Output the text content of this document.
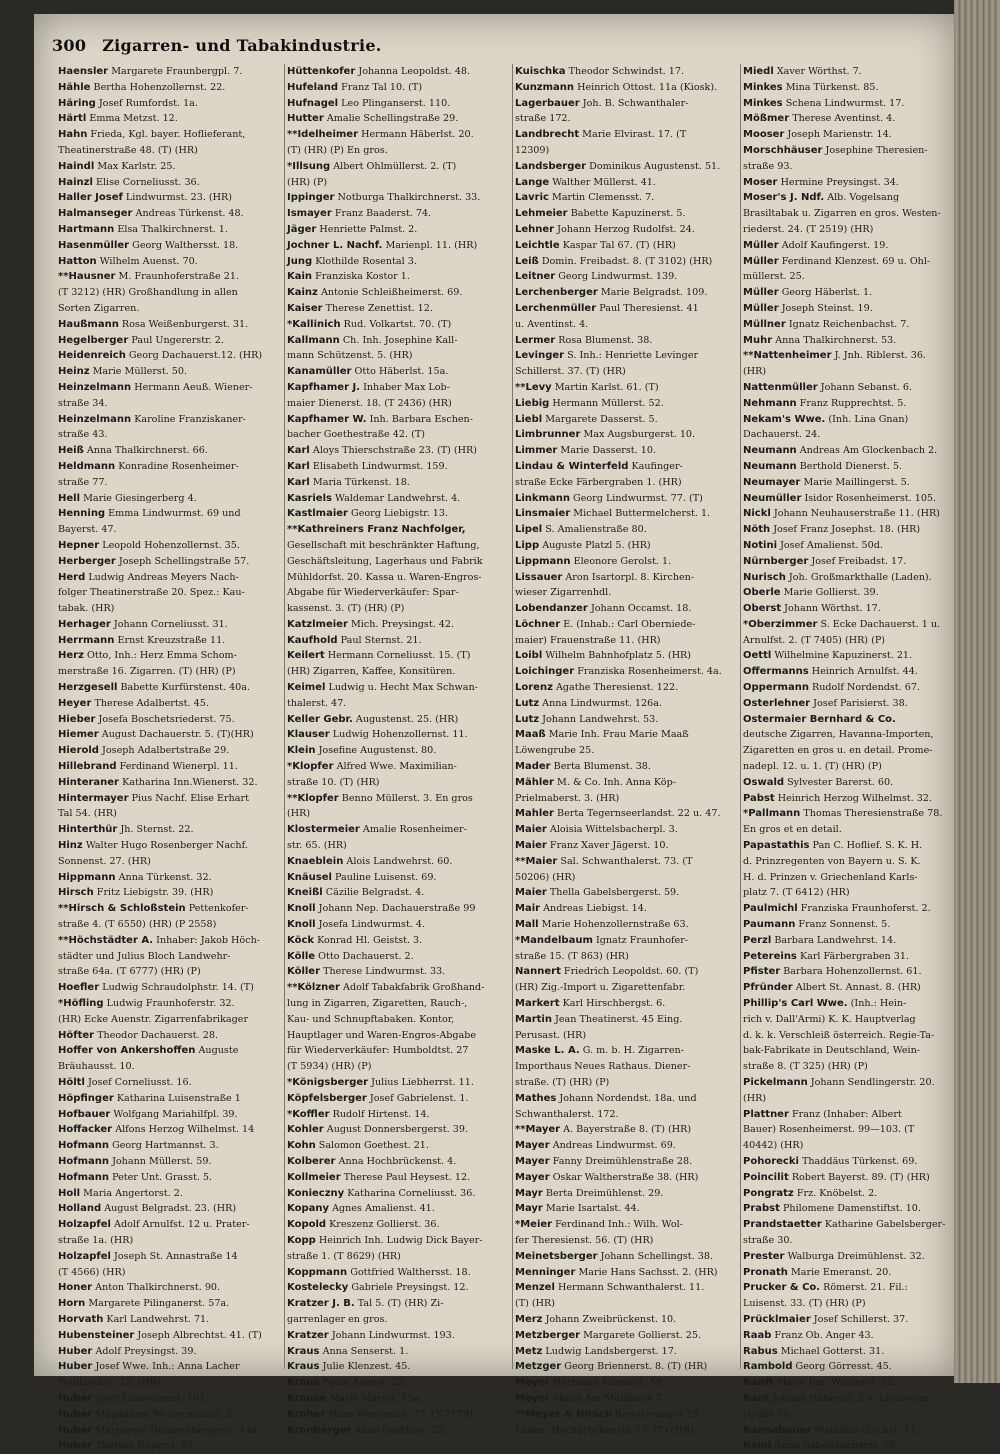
300 Zigarren- und Tabakindustrie.
Haensler Margarete Fraunbergpl. 7.
Hähle Bertha Hohenzollernst. 22.
Häring Josef Rumfordst. 1a.
Härtl Emma Metzst. 12.
Hahn Frieda, Kgl. bayer. Hoflieferant,
Theatinerstraße 48. (T) (HR)
Haindl Max Karlstr. 25.
Hainzl Elise Corneliusst. 36.
Haller Josef Lindwurmst. 23. (HR)
Halmanseger Andreas Türkenst. 48.
Hartmann Elsa Thalkirchnerst. 1.
Hasenmüller Georg Walthersst. 18.
Hatton Wilhelm Auenst. 70.
**Hausner M. Fraunhoferstraße 21.
(T 3212) (HR) Großhandlung in allen
Sorten Zigarren.
Haußmann Rosa Weißenburgerst. 31.
Hegelberger Paul Ungererstr. 2.
Heidenreich Georg Dachauerst.12. (HR)
Heinz Marie Müllerst. 50.
Heinzelmann Hermann Aeuß. Wiener-
straße 34.
Heinzelmann Karoline Franziskaner-
straße 43.
Heiß Anna Thalkirchnerst. 66.
Heldmann Konradine Rosenheimer-
straße 77.
Hell Marie Giesingerberg 4.
Henning Emma Lindwurmst. 69 und
Bayerst. 47.
Hepner Leopold Hohenzollernst. 35.
Herberger Joseph Schellingstraße 57.
Herd Ludwig Andreas Meyers Nach-
folger Theatinerstraße 20. Spez.: Kau-
tabak. (HR)
Herhager Johann Corneliusst. 31.
Herrmann Ernst Kreuzstraße 11.
Herz Otto, Inh.: Herz Emma Schom-
merstraße 16. Zigarren. (T) (HR) (P)
Herzgesell Babette Kurfürstenst. 40a.
Heyer Therese Adalbertst. 45.
Hieber Josefa Boschetsriederst. 75.
Hiemer August Dachauerstr. 5. (T)(HR)
Hierold Joseph Adalbertstraße 29.
Hillebrand Ferdinand Wienerpl. 11.
Hinteraner Katharina Inn.Wienerst. 32.
Hintermayer Pius Nachf. Elise Erhart
Tal 54. (HR)
Hinterthür Jh. Sternst. 22.
Hinz Walter Hugo Rosenberger Nachf.
Sonnenst. 27. (HR)
Hippmann Anna Türkenst. 32.
Hirsch Fritz Liebigstr. 39. (HR)
**Hirsch & Schloßstein Pettenkofer-
straße 4. (T 6550) (HR) (P 2558)
**Höchstädter A. Inhaber: Jakob Höch-
städter und Julius Bloch Landwehr-
straße 64a. (T 6777) (HR) (P)
Hoefler Ludwig Schraudolphstr. 14. (T)
*Höfling Ludwig Fraunhoferstr. 32.
(HR) Ecke Auenstr. Zigarrenfabrikager
Höfter Theodor Dachauerst. 28.
Hoffer von Ankershoffen Auguste
Bräuhausst. 10.
Höltl Josef Corneliusst. 16.
Höpfinger Katharina Luisenstraße 1
Hofbauer Wolfgang Mariahilfpl. 39.
Hoffacker Alfons Herzog Wilhelmst. 14
Hofmann Georg Hartmannst. 3.
Hofmann Johann Müllerst. 59.
Hofmann Peter Unt. Grasst. 5.
Holl Maria Angertorst. 2.
Holland August Belgradst. 23. (HR)
Holzapfel Adolf Arnulfst. 12 u. Prater-
straße 1a. (HR)
Holzapfel Joseph St. Annastraße 14
(T 4566) (HR)
Honer Anton Thalkirchnerst. 90.
Horn Margarete Pilinganerst. 57a.
Horvath Karl Landwehrst. 71.
Hubensteiner Joseph Albrechtst. 41. (T)
Huber Adolf Preysingst. 39.
Huber Josef Wwe. Inh.: Anna Lacher
Feilitzschst. 12. (HR)
Huber Josef Lindwurmst. 101.
Huber Magdalena Westermühlst. 2.
Huber Margarete Donnersbergerst. 44a.
Huber Therese Bayerst. 57.
Hüttenkofer Johanna Leopoldst. 48.
Hufeland Franz Tal 10. (T)
Hufnagel Leo Plinganserst. 110.
Hutter Amalie Schellingstraße 29.
**Idelheimer Hermann Häberlst. 20.
(T) (HR) (P) En gros.
*Illsung Albert Ohlmüllerst. 2. (T)
(HR) (P)
Ippinger Notburga Thalkirchnerst. 33.
Ismayer Franz Baaderst. 74.
Jäger Henriette Palmst. 2.
Jochner L. Nachf. Marienpl. 11. (HR)
Jung Klothilde Rosental 3.
Kain Franziska Kostor 1.
Kainz Antonie Schleißheimerst. 69.
Kaiser Therese Zenettist. 12.
*Kallinich Rud. Volkartst. 70. (T)
Kallmann Ch. Inh. Josephine Kall-
mann Schützenst. 5. (HR)
Kanamüller Otto Häberlst. 15a.
Kapfhamer J. Inhaber Max Lob-
maier Dienerst. 18. (T 2436) (HR)
Kapfhamer W. Inh. Barbara Eschen-
bacher Goethestraße 42. (T)
Karl Aloys Thierschstraße 23. (T) (HR)
Karl Elisabeth Lindwurmst. 159.
Karl Maria Türkenst. 18.
Kasriels Waldemar Landwehrst. 4.
Kastlmaier Georg Liebigstr. 13.
**Kathreiners Franz Nachfolger,
Gesellschaft mit beschränkter Haftung,
Geschäftsleitung, Lagerhaus und Fabrik
Mühldorfst. 20. Kassa u. Waren-Engros-
Abgabe für Wiederverkäufer: Spar-
kassenst. 3. (T) (HR) (P)
Katzlmeier Mich. Preysingst. 42.
Kaufhold Paul Sternst. 21.
Keilert Hermann Corneliusst. 15. (T)
(HR) Zigarren, Kaffee, Konsitüren.
Keimel Ludwig u. Hecht Max Schwan-
thalerst. 47.
Keller Gebr. Augustenst. 25. (HR)
Klauser Ludwig Hohenzollernst. 11.
Klein Josefine Augustenst. 80.
*Klopfer Alfred Wwe. Maximilian-
straße 10. (T) (HR)
**Klopfer Benno Müllerst. 3. En gros
(HR)
Klostermeier Amalie Rosenheimer-
str. 65. (HR)
Knaeblein Alois Landwehrst. 60.
Knäusel Pauline Luisenst. 69.
Kneißl Cäzilie Belgradst. 4.
Knoll Johann Nep. Dachauerstraße 99
Knoll Josefa Lindwurmst. 4.
Köck Konrad Hl. Geistst. 3.
Kölle Otto Dachauerst. 2.
Köller Therese Lindwurmst. 33.
**Kölzner Adolf Tabakfabrik Großhand-
lung in Zigarren, Zigaretten, Rauch-,
Kau- und Schnupftabaken. Kontor,
Hauptlager und Waren-Engros-Abgabe
für Wiederverkäufer: Humboldtst. 27
(T 5934) (HR) (P)
*Königsberger Julius Liebherrst. 11.
Köpfelsberger Josef Gabrielenst. 1.
*Koffler Rudolf Hirtenst. 14.
Kohler August Donnersbergerst. 39.
Kohn Salomon Goethest. 21.
Kolberer Anna Hochbrückenst. 4.
Kollmeier Therese Paul Heysest. 12.
Konieczny Katharina Corneliusst. 36.
Kopany Agnes Amalienst. 41.
Kopold Kreszenz Gollierst. 36.
Kopp Heinrich Inh. Ludwig Dick Bayer-
straße 1. (T 8629) (HR)
Koppmann Gottfried Walthersst. 18.
Kostelecky Gabriele Preysingst. 12.
Kratzer J. B. Tal 5. (T) (HR) Zi-
garrenlager en gros.
Kratzer Johann Lindwurmst. 193.
Kraus Anna Senserst. 1.
Kraus Julie Klenzest. 45.
Kraus Paula Auenst. 25.
Krause Marie Marsst. 15a.
Kroher Hans Westendst. 77. (T 7179)
Kronberger Anna Goethest. 25.
Kuischka Theodor Schwindst. 17.
Kunzmann Heinrich Ottost. 11a (Kiosk).
Lagerbauer Joh. B. Schwanthaler-
straße 172.
Landbrecht Marie Elvirast. 17. (T
12309)
Landsberger Dominikus Augustenst. 51.
Lange Walther Müllerst. 41.
Lavric Martin Clemensst. 7.
Lehmeier Babette Kapuzinerst. 5.
Lehner Johann Herzog Rudolfst. 24.
Leichtle Kaspar Tal 67. (T) (HR)
Leiß Domin. Freibadst. 8. (T 3102) (HR)
Leitner Georg Lindwurmst. 139.
Lerchenberger Marie Belgradst. 109.
Lerchenmüller Paul Theresienst. 41
u. Aventinst. 4.
Lermer Rosa Blumenst. 38.
Levinger S. Inh.: Henriette Levinger
Schillerst. 37. (T) (HR)
**Levy Martin Karlst. 61. (T)
Liebig Hermann Müllerst. 52.
Liebl Margarete Dasserst. 5.
Limbrunner Max Augsburgerst. 10.
Limmer Marie Dasserst. 10.
Lindau & Winterfeld Kaufinger-
straße Ecke Färbergraben 1. (HR)
Linkmann Georg Lindwurmst. 77. (T)
Linsmaier Michael Buttermelcherst. 1.
Lipel S. Amalienstraße 80.
Lipp Auguste Platzl 5. (HR)
Lippmann Eleonore Gerolst. 1.
Lissauer Aron Isartorpl. 8. Kirchen-
wieser Zigarrenhdl.
Lobendanzer Johann Occamst. 18.
Löchner E. (Inhab.: Carl Oberniede-
maier) Frauenstraße 11. (HR)
Loibl Wilhelm Bahnhofplatz 5. (HR)
Loichinger Franziska Rosenheimerst. 4a.
Lorenz Agathe Theresienst. 122.
Lutz Anna Lindwurmst. 126a.
Lutz Johann Landwehrst. 53.
Maaß Marie Inh. Frau Marie Maaß
Löwengrube 25.
Mader Berta Blumenst. 38.
Mähler M. & Co. Inh. Anna Köp-
Prielmaberst. 3. (HR)
Mahler Berta Tegernseerlandst. 22 u. 47.
Maier Aloisia Wittelsbacherpl. 3.
Maier Franz Xaver Jägerst. 10.
**Maier Sal. Schwanthalerst. 73. (T
50206) (HR)
Maier Thella Gabelsbergerst. 59.
Mair Andreas Liebigst. 14.
Mall Marie Hohenzollernstraße 63.
*Mandelbaum Ignatz Fraunhofer-
straße 15. (T 863) (HR)
Nannert Friedrich Leopoldst. 60. (T)
(HR) Zig.-Import u. Zigarettenfabr.
Markert Karl Hirschbergst. 6.
Martin Jean Theatinerst. 45 Eing.
Perusast. (HR)
Maske L. A. G. m. b. H. Zigarren-
Importhaus Neues Rathaus. Diener-
straße. (T) (HR) (P)
Mathes Johann Nordendst. 18a. und
Schwanthalerst. 172.
**Mayer A. Bayerstraße 8. (T) (HR)
Mayer Andreas Lindwurmst. 69.
Mayer Fanny Dreimühlenstraße 28.
Mayer Oskar Waltherstraße 38. (HR)
Mayr Berta Dreimühlenst. 29.
Mayr Marie Isartalst. 44.
*Meier Ferdinand Inh.: Wilh. Wol-
fer Theresienst. 56. (T) (HR)
Meinetsberger Johann Schellingst. 38.
Menninger Marie Hans Sachsst. 2. (HR)
Menzel Hermann Schwanthalerst. 11.
(T) (HR)
Merz Johann Zweibrückenst. 10.
Metzberger Margarete Gollierst. 25.
Metz Ludwig Landsbergerst. 17.
Metzger Georg Briennerst. 8. (T) (HR)
Meyer Hermann Klenzest. 59.
Meyer Maria Am Mühlbach 7.
**Meyer & Hirsch Bereiteranger 15.
Laden: Hochbrückenstr. 13. (T) (HR)
Miedl Xaver Wörthst. 7.
Minkes Mina Türkenst. 85.
Minkes Schena Lindwurmst. 17.
Mößmer Therese Aventinst. 4.
Mooser Joseph Marienstr. 14.
Morschhäuser Josephine Theresien-
straße 93.
Moser Hermine Preysingst. 34.
Moser's J. Ndf. Alb. Vogelsang
Brasiltabak u. Zigarren en gros. Westen-
riederst. 24. (T 2519) (HR)
Müller Adolf Kaufingerst. 19.
Müller Ferdinand Klenzest. 69 u. Ohl-
müllerst. 25.
Müller Georg Häberlst. 1.
Müller Joseph Steinst. 19.
Müllner Ignatz Reichenbachst. 7.
Muhr Anna Thalkirchnerst. 53.
**Nattenheimer J. Jnh. Riblerst. 36.
(HR)
Nattenmüller Johann Sebanst. 6.
Nehmann Franz Rupprechtst. 5.
Nekam's Wwe. (Inh. Lina Gnan)
Dachauerst. 24.
Neumann Andreas Am Glockenbach 2.
Neumann Berthold Dienerst. 5.
Neumayer Marie Maillingerst. 5.
Neumüller Isidor Rosenheimerst. 105.
Nickl Johann Neuhauserstraße 11. (HR)
Nöth Josef Franz Josephst. 18. (HR)
Notini Josef Amalienst. 50d.
Nürnberger Josef Freibadst. 17.
Nurisch Joh. Großmarkthalle (Laden).
Oberle Marie Gollierst. 39.
Oberst Johann Wörthst. 17.
*Oberzimmer S. Ecke Dachauerst. 1 u.
Arnulfst. 2. (T 7405) (HR) (P)
Oettl Wilhelmine Kapuzinerst. 21.
Offermanns Heinrich Arnulfst. 44.
Oppermann Rudolf Nordendst. 67.
Osterlehner Josef Parisierst. 38.
Ostermaier Bernhard & Co.
deutsche Zigarren, Havanna-Importen,
Zigaretten en gros u. en detail. Prome-
nadepl. 12. u. 1. (T) (HR) (P)
Oswald Sylvester Barerst. 60.
Pabst Heinrich Herzog Wilhelmst. 32.
*Pallmann Thomas Theresienstraße 78.
En gros et en detail.
Papastathis Pan C. Hoflief. S. K. H.
d. Prinzregenten von Bayern u. S. K.
H. d. Prinzen v. Griechenland Karls-
platz 7. (T 6412) (HR)
Paulmichl Franziska Fraunhoferst. 2.
Paumann Franz Sonnenst. 5.
Perzl Barbara Landwehrst. 14.
Petereins Karl Färbergraben 31.
Pfister Barbara Hohenzollernst. 61.
Pfründer Albert St. Annast. 8. (HR)
Phillip's Carl Wwe. (Inh.: Hein-
rich v. Dall'Armi) K. K. Hauptverlag
d. k. k. Verschleiß österreich. Regie-Ta-
bak-Fabrikate in Deutschland, Wein-
straße 8. (T 325) (HR) (P)
Pickelmann Johann Sendlingerstr. 20.
(HR)
Plattner Franz (Inhaber: Albert
Bauer) Rosenheimerst. 99—103. (T
40442) (HR)
Pohorecki Thaddäus Türkenst. 69.
Poincilit Robert Bayerst. 89. (T) (HR)
Pongratz Frz. Knöbelst. 2.
Prabst Philomene Damenstiftst. 10.
Prandstaetter Katharine Gabelsberger-
straße 30.
Prester Walburga Dreimühlenst. 32.
Pronath Marie Emeranst. 20.
Prucker & Co. Römerst. 21. Fil.:
Luisenst. 33. (T) (HR) (P)
Prücklmaier Josef Schillerst. 37.
Raab Franz Ob. Anger 43.
Rabus Michael Gotterst. 31.
Rambold Georg Görresst. 45.
Ranft Marie Inn. Wienerst. 32.
Rant Johann Häberlst. 2 u. Lindwurm-
straße 50.
Rannabauer Mathilde Glückst. 11.
Rami Anna Gabelsbergerst. 59.
